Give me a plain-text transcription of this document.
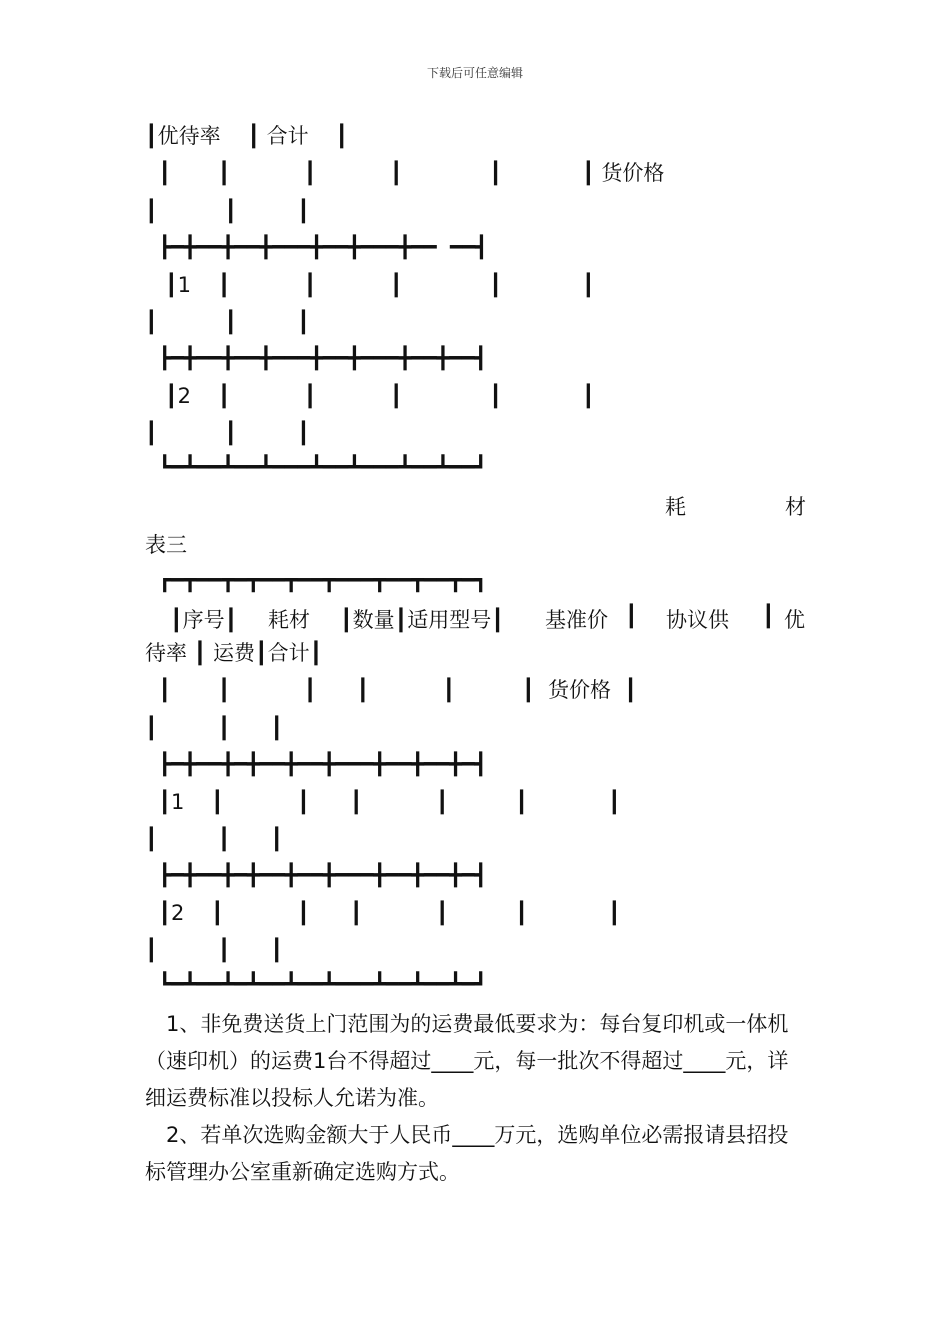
下载后可任意编辑
┃优待率    ┃ 合计    ┃
┃       ┃           ┃           ┃             ┃            ┃ 货价格
┃          ┃         ┃
┣━╋━━╋━━╋━━━╋━━╋━━━╋━━  ━━┫
┃1    ┃           ┃           ┃             ┃            ┃
┃          ┃         ┃
┣━╋━━╋━━╋━━━╋━━╋━━━╋━━╋━━┫
┃2    ┃           ┃           ┃             ┃            ┃
┃          ┃         ┃
┗━┻━━┻━━┻━━━┻━━┻━━━┻━━┻━━┛
耗	材
表三
┏━┳━━┳━┳━━┳━━┳━━━┳━━┳━━┳━┓
┃序号┃ 耗材 ┃数量┃适用型号┃ 基准价 ┃ 协议供 ┃ 优
待率 ┃ 运费┃合计┃
┃       ┃           ┃      ┃           ┃          ┃  货价格  ┃
┃         ┃      ┃
┣━╋━━╋━╋━━╋━━╋━━━╋━━╋━━╋━┫
┃1    ┃           ┃      ┃           ┃          ┃            ┃
┃         ┃      ┃
┣━╋━━╋━╋━━╋━━╋━━━╋━━╋━━╋━┫
┃2    ┃           ┃      ┃           ┃          ┃            ┃
┃         ┃      ┃
┗━┻━━┻━┻━━┻━━┻━━━┻━━┻━━┻━┛

1、非免费送货上门范围为的运费最低要求为：每台复印机或一体机（速印机）的运费1台不得超过____元，每一批次不得超过____元，详细运费标准以投标人允诺为准。

2、若单次选购金额大于人民币____万元，选购单位必需报请县招投标管理办公室重新确定选购方式。
